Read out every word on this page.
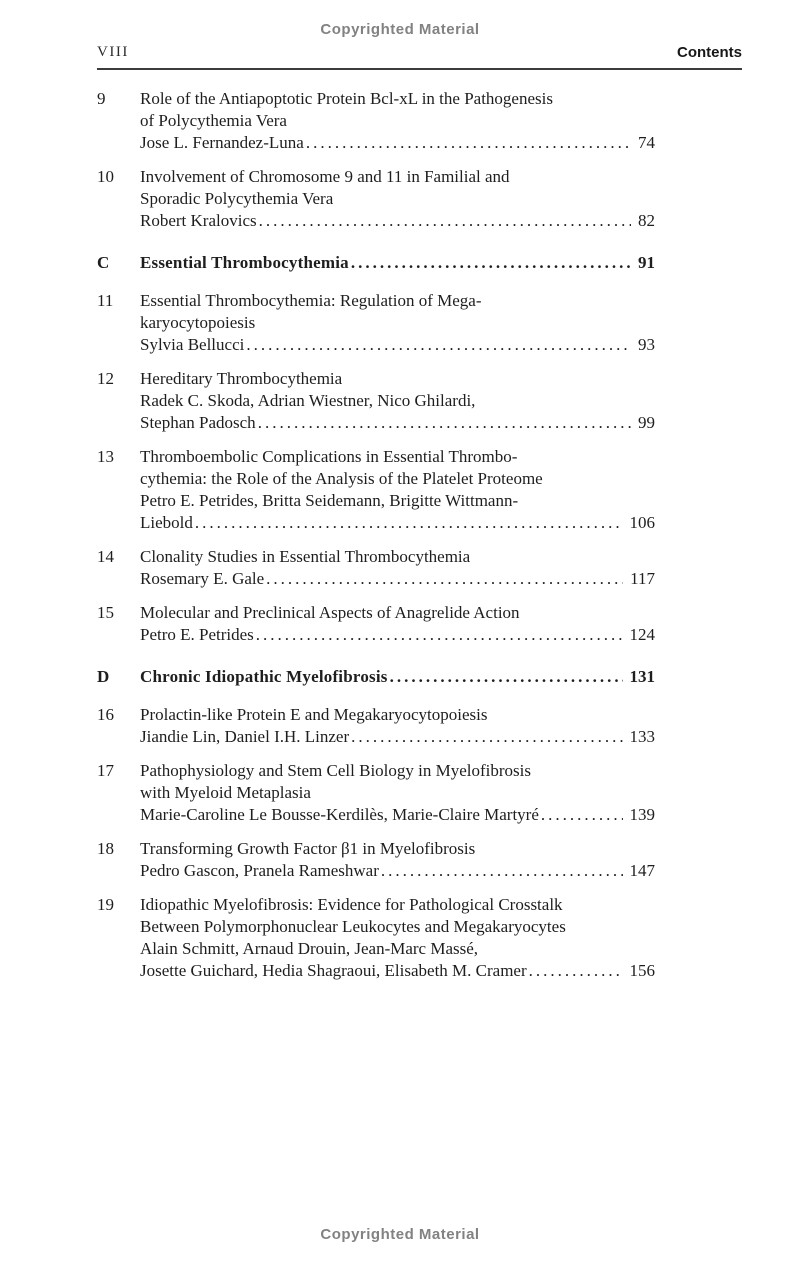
Copyrighted Material
VIII	Contents
9	Role of the Antiapoptotic Protein Bcl-xL in the Pathogenesis
of Polycythemia Vera
Jose L. Fernandez-Luna .....	74
10	Involvement of Chromosome 9 and 11 in Familial and
Sporadic Polycythemia Vera
Robert Kralovics .....	82
C	Essential Thrombocythemia .....	91
11	Essential Thrombocythemia: Regulation of Mega-
karyocytopoiesis
Sylvia Bellucci .....	93
12	Hereditary Thrombocythemia
Radek C. Skoda, Adrian Wiestner, Nico Ghilardi,
Stephan Padosch .....	99
13	Thromboembolic Complications in Essential Thrombo-
cythemia: the Role of the Analysis of the Platelet Proteome
Petro E. Petrides, Britta Seidemann, Brigitte Wittmann-
Liebold .....	106
14	Clonality Studies in Essential Thrombocythemia
Rosemary E. Gale .....	117
15	Molecular and Preclinical Aspects of Anagrelide Action
Petro E. Petrides .....	124
D	Chronic Idiopathic Myelofibrosis .....	131
16	Prolactin-like Protein E and Megakaryocytopoiesis
Jiandie Lin, Daniel I.H. Linzer .....	133
17	Pathophysiology and Stem Cell Biology in Myelofibrosis
with Myeloid Metaplasia
Marie-Caroline Le Bousse-Kerdilès, Marie-Claire Martyré .....	139
18	Transforming Growth Factor β1 in Myelofibrosis
Pedro Gascon, Pranela Rameshwar .....	147
19	Idiopathic Myelofibrosis: Evidence for Pathological Crosstalk
Between Polymorphonuclear Leukocytes and Megakaryocytes
Alain Schmitt, Arnaud Drouin, Jean-Marc Massé,
Josette Guichard, Hedia Shagraoui, Elisabeth M. Cramer .....	156
Copyrighted Material
